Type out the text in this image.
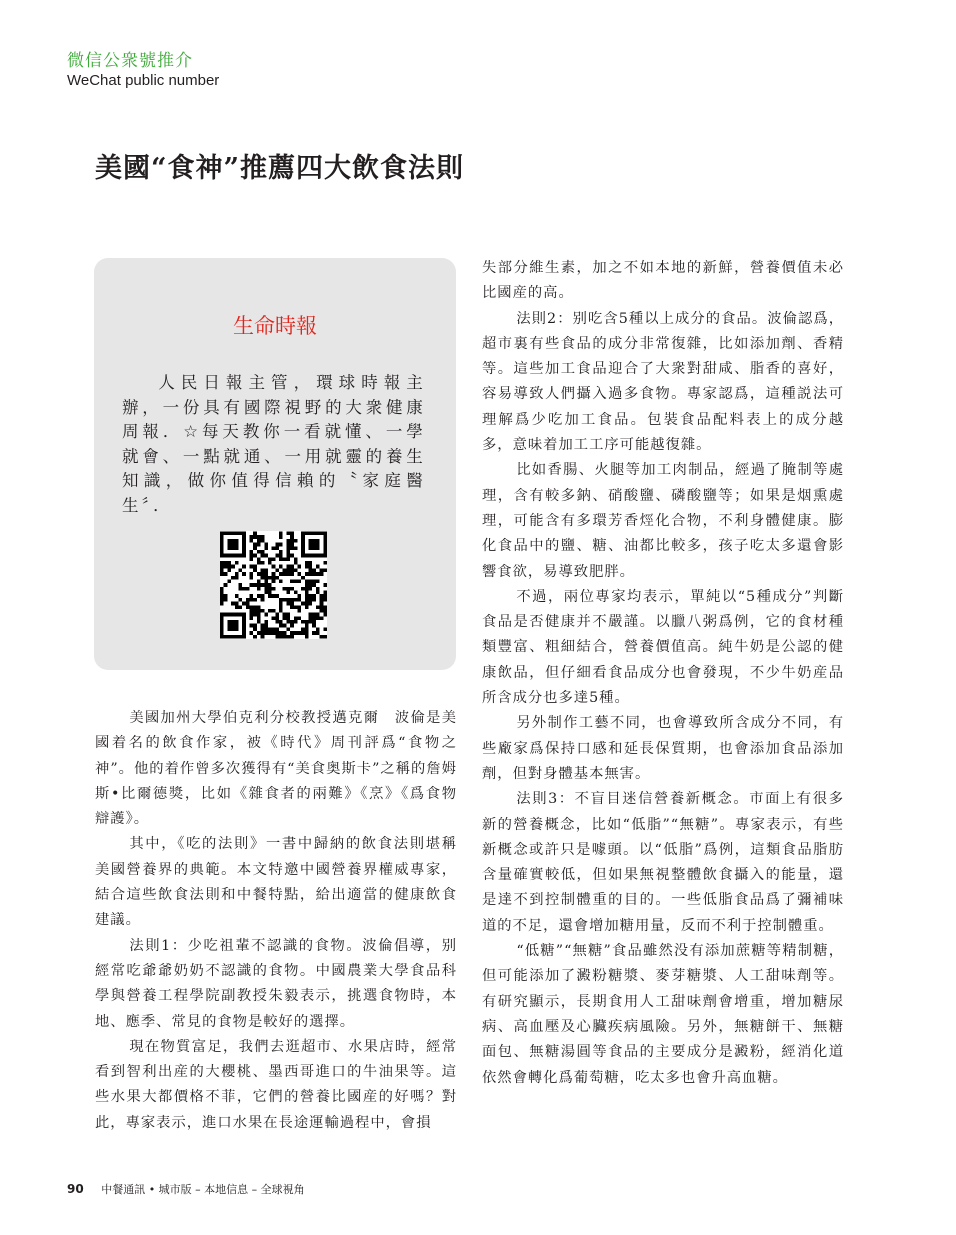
微信公衆號推介
WeChat public number
美國“食神”推薦四大飲食法則
生命時報
人民日報主管，環球時報主辦，一份具有國際視野的大衆健康周報．☆每天教你一看就懂、一學就會、一點就通、一用就靈的養生知識，做你值得信賴的〝家庭醫生〞．

美國加州大學伯克利分校教授邁克爾　波倫是美國着名的飲食作家，被《時代》周刊評爲“食物之神”。他的着作曾多次獲得有“美食奥斯卡”之稱的詹姆斯•比爾德獎，比如《雜食者的兩難》《烹》《爲食物辯護》。

其中，《吃的法則》一書中歸納的飲食法則堪稱美國營養界的典範。本文特邀中國營養界權威專家，結合這些飲食法則和中餐特點，給出適當的健康飲食建議。

法則1：少吃祖輩不認識的食物。波倫倡導，别經常吃爺爺奶奶不認識的食物。中國農業大學食品科學與營養工程學院副教授朱毅表示，挑選食物時，本地、應季、常見的食物是較好的選擇。

現在物質富足，我們去逛超市、水果店時，經常看到智利出産的大櫻桃、墨西哥進口的牛油果等。這些水果大都價格不菲，它們的營養比國産的好嗎？對此，專家表示，進口水果在長途運輸過程中，會損

失部分維生素，加之不如本地的新鮮，營養價值未必比國産的高。

法則2：别吃含5種以上成分的食品。波倫認爲，超市裏有些食品的成分非常復雜，比如添加劑、香精等。這些加工食品迎合了大衆對甜咸、脂香的喜好，容易導致人們攝入過多食物。專家認爲，這種説法可理解爲少吃加工食品。包裝食品配料表上的成分越多，意味着加工工序可能越復雜。

比如香腸、火腿等加工肉制品，經過了腌制等處理，含有較多鈉、硝酸鹽、磷酸鹽等；如果是烟熏處理，可能含有多環芳香烴化合物，不利身體健康。膨化食品中的鹽、糖、油都比較多，孩子吃太多還會影響食欲，易導致肥胖。

不過，兩位專家均表示，單純以“5種成分”判斷食品是否健康并不嚴謹。以臘八粥爲例，它的食材種類豐富、粗細結合，營養價值高。純牛奶是公認的健康飲品，但仔細看食品成分也會發現，不少牛奶産品所含成分也多達5種。

另外制作工藝不同，也會導致所含成分不同，有些廠家爲保持口感和延長保質期，也會添加食品添加劑，但對身體基本無害。

法則3：不盲目迷信營養新概念。市面上有很多新的營養概念，比如“低脂”“無糖”。專家表示，有些新概念或許只是噱頭。以“低脂”爲例，這類食品脂肪含量確實較低，但如果無視整體飲食攝入的能量，還是達不到控制體重的目的。一些低脂食品爲了彌補味道的不足，還會增加糖用量，反而不利于控制體重。

“低糖”“無糖”食品雖然没有添加蔗糖等精制糖，但可能添加了澱粉糖漿、麥芽糖漿、人工甜味劑等。有研究顯示，長期食用人工甜味劑會增重，增加糖尿病、高血壓及心臟疾病風險。另外，無糖餅干、無糖面包、無糖湯圓等食品的主要成分是澱粉，經消化道依然會轉化爲葡萄糖，吃太多也會升高血糖。

90 中餐通訊 • 城市版 – 本地信息 – 全球視角
